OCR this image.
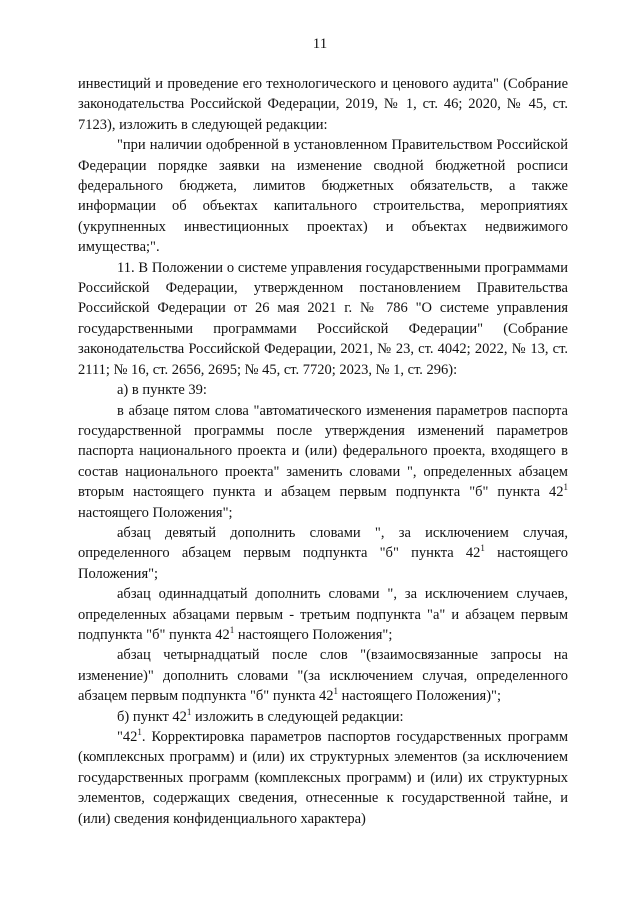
11

инвестиций и проведение его технологического и ценового аудита" (Собрание законодательства Российской Федерации, 2019, № 1, ст. 46; 2020, № 45, ст. 7123), изложить в следующей редакции:

"при наличии одобренной в установленном Правительством Российской Федерации порядке заявки на изменение сводной бюджетной росписи федерального бюджета, лимитов бюджетных обязательств, а также информации об объектах капитального строительства, мероприятиях (укрупненных инвестиционных проектах) и объектах недвижимого имущества;".

11. В Положении о системе управления государственными программами Российской Федерации, утвержденном постановлением Правительства Российской Федерации от 26 мая 2021 г. № 786 "О системе управления государственными программами Российской Федерации" (Собрание законодательства Российской Федерации, 2021, № 23, ст. 4042; 2022, № 13, ст. 2111; № 16, ст. 2656, 2695; № 45, ст. 7720; 2023, № 1, ст. 296):

а) в пункте 39:

в абзаце пятом слова "автоматического изменения параметров паспорта государственной программы после утверждения изменений параметров паспорта национального проекта и (или) федерального проекта, входящего в состав национального проекта" заменить словами ", определенных абзацем вторым настоящего пункта и абзацем первым подпункта "б" пункта $42^1$ настоящего Положения";

абзац девятый дополнить словами ", за исключением случая, определенного абзацем первым подпункта "б" пункта $42^1$ настоящего Положения";

абзац одиннадцатый дополнить словами ", за исключением случаев, определенных абзацами первым - третьим подпункта "а" и абзацем первым подпункта "б" пункта $42^1$ настоящего Положения";

абзац четырнадцатый после слов "(взаимосвязанные запросы на изменение)" дополнить словами "(за исключением случая, определенного абзацем первым подпункта "б" пункта $42^1$ настоящего Положения)";

б) пункт $42^1$ изложить в следующей редакции:

"$42^1$. Корректировка параметров паспортов государственных программ (комплексных программ) и (или) их структурных элементов (за исключением государственных программ (комплексных программ) и (или) их структурных элементов, содержащих сведения, отнесенные к государственной тайне, и (или) сведения конфиденциального характера)
